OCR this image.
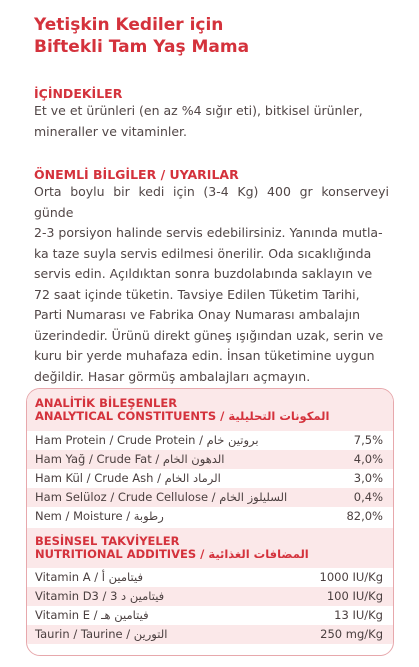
Yetişkin Kediler için
Biftekli Tam Yaş Mama
İÇİNDEKİLER
Et ve et ürünleri (en az %4 sığır eti), bitkisel ürünler,
mineraller ve vitaminler.
ÖNEMLİ BİLGİLER / UYARILAR
Orta boylu bir kedi için (3-4 Kg) 400 gr konserveyi günde
2-3 porsiyon halinde servis edebilirsiniz. Yanında mutla-
ka taze suyla servis edilmesi önerilir. Oda sıcaklığında
servis edin. Açıldıktan sonra buzdolabında saklayın ve
72 saat içinde tüketin. Tavsiye Edilen Tüketim Tarihi,
Parti Numarası ve Fabrika Onay Numarası ambalajın
üzerindedir. Ürünü direkt güneş ışığından uzak, serin ve
kuru bir yerde muhafaza edin. İnsan tüketimine uygun
değildir. Hasar görmüş ambalajları açmayın.
ANALİTİK BİLEŞENLER
ANALYTICAL CONSTITUENTS / المكونات التحليلية
Ham Protein / Crude Protein / بروتين خام	7,5%
Ham Yağ / Crude Fat / الدهون الخام	4,0%
Ham Kül / Crude Ash / الرماد الخام	3,0%
Ham Selüloz / Crude Cellulose / السليلوز الخام	0,4%
Nem / Moisture / رطوبة	82,0%
BESİNSEL TAKVİYELER
NUTRITIONAL ADDITIVES / المضافات الغذائية
Vitamin A / فيتامين أ	1000 IU/Kg
Vitamin D3 / فيتامين د 3	100 IU/Kg
Vitamin E / فيتامين هـ	13 IU/Kg
Taurin / Taurine / التورين	250 mg/Kg
